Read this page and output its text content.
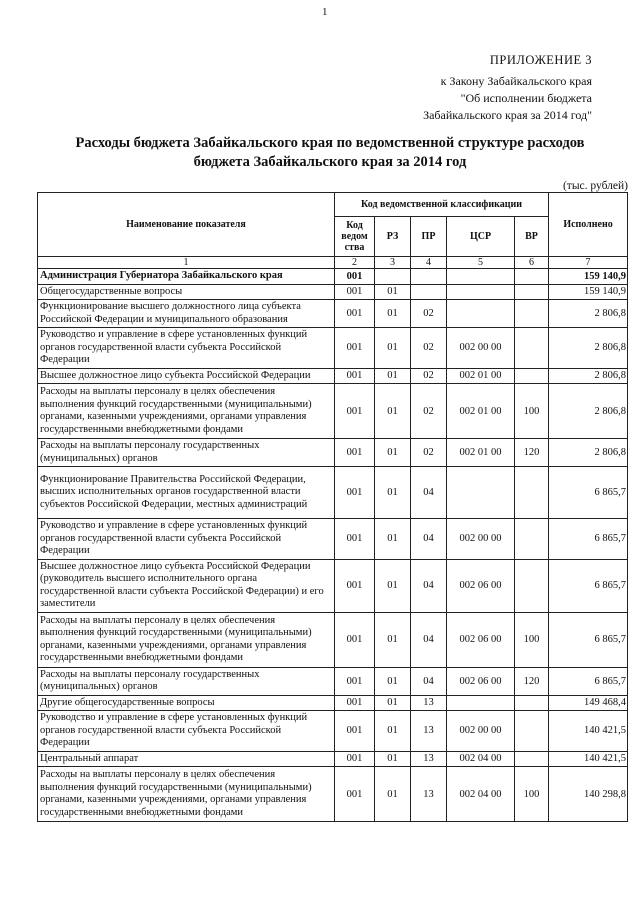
1
ПРИЛОЖЕНИЕ 3
к Закону Забайкальского края
"Об исполнении бюджета
Забайкальского края за 2014 год"
Расходы бюджета Забайкальского края по ведомственной структуре расходов
бюджета Забайкальского края за 2014 год
(тыс. рублей)
Наименование показателя	Код ведомственной классификации					Исполнено
	Код ведом ства	РЗ	ПР	ЦСР	ВР	
1	2	3	4	5	6	7
Администрация Губернатора Забайкальского края	001					159 140,9
Общегосударственные вопросы	001	01				159 140,9
Функционирование высшего должностного лица субъекта Российской Федерации и муниципального образования	001	01	02			2 806,8
Руководство и управление в сфере установленных функций органов государственной власти субъекта Российской Федерации	001	01	02	002 00 00		2 806,8
Высшее должностное лицо субъекта Российской Федерации	001	01	02	002 01 00		2 806,8
Расходы на выплаты персоналу в целях обеспечения выполнения функций государственными (муниципальными) органами, казенными учреждениями, органами управления государственными внебюджетными фондами	001	01	02	002 01 00	100	2 806,8
Расходы на выплаты персоналу государственных (муниципальных) органов	001	01	02	002 01 00	120	2 806,8
Функционирование Правительства Российской Федерации, высших исполнительных органов государственной власти субъектов Российской Федерации, местных администраций	001	01	04			6 865,7
Руководство и управление в сфере установленных функций органов государственной власти субъекта Российской Федерации	001	01	04	002 00 00		6 865,7
Высшее должностное лицо субъекта Российской Федерации (руководитель высшего исполнительного органа государственной власти субъекта Российской Федерации) и его заместители	001	01	04	002 06 00		6 865,7
Расходы на выплаты персоналу в целях обеспечения выполнения функций государственными (муниципальными) органами, казенными учреждениями, органами управления государственными внебюджетными фондами	001	01	04	002 06 00	100	6 865,7
Расходы на выплаты персоналу государственных (муниципальных) органов	001	01	04	002 06 00	120	6 865,7
Другие общегосударственные вопросы	001	01	13			149 468,4
Руководство и управление в сфере установленных функций органов государственной власти субъекта Российской Федерации	001	01	13	002 00 00		140 421,5
Центральный аппарат	001	01	13	002 04 00		140 421,5
Расходы на выплаты персоналу в целях обеспечения выполнения функций государственными (муниципальными) органами, казенными учреждениями, органами управления государственными внебюджетными фондами	001	01	13	002 04 00	100	140 298,8
